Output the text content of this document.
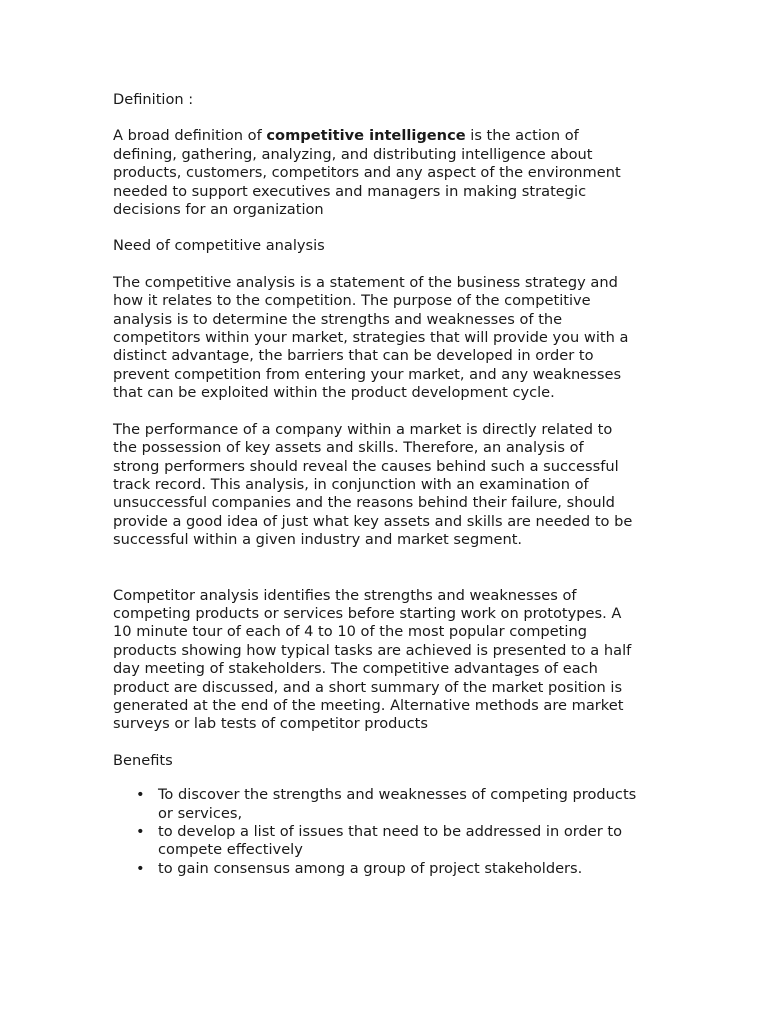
Definition :

A broad definition of competitive intelligence is the action of
defining, gathering, analyzing, and distributing intelligence about
products, customers, competitors and any aspect of the environment
needed to support executives and managers in making strategic
decisions for an organization

Need of competitive analysis

The competitive analysis is a statement of the business strategy and
how it relates to the competition. The purpose of the competitive
analysis is to determine the strengths and weaknesses of the
competitors within your market, strategies that will provide you with a
distinct advantage, the barriers that can be developed in order to
prevent competition from entering your market, and any weaknesses
that can be exploited within the product development cycle.

The performance of a company within a market is directly related to
the possession of key assets and skills. Therefore, an analysis of
strong performers should reveal the causes behind such a successful
track record. This analysis, in conjunction with an examination of
unsuccessful companies and the reasons behind their failure, should
provide a good idea of just what key assets and skills are needed to be
successful within a given industry and market segment.

Competitor analysis identifies the strengths and weaknesses of
competing products or services before starting work on prototypes. A
10 minute tour of each of 4 to 10 of the most popular competing
products showing how typical tasks are achieved is presented to a half
day meeting of stakeholders. The competitive advantages of each
product are discussed, and a short summary of the market position is
generated at the end of the meeting. Alternative methods are market
surveys or lab tests of competitor products

Benefits

• To discover the strengths and weaknesses of competing products
or services,
• to develop a list of issues that need to be addressed in order to
compete effectively
• to gain consensus among a group of project stakeholders.
